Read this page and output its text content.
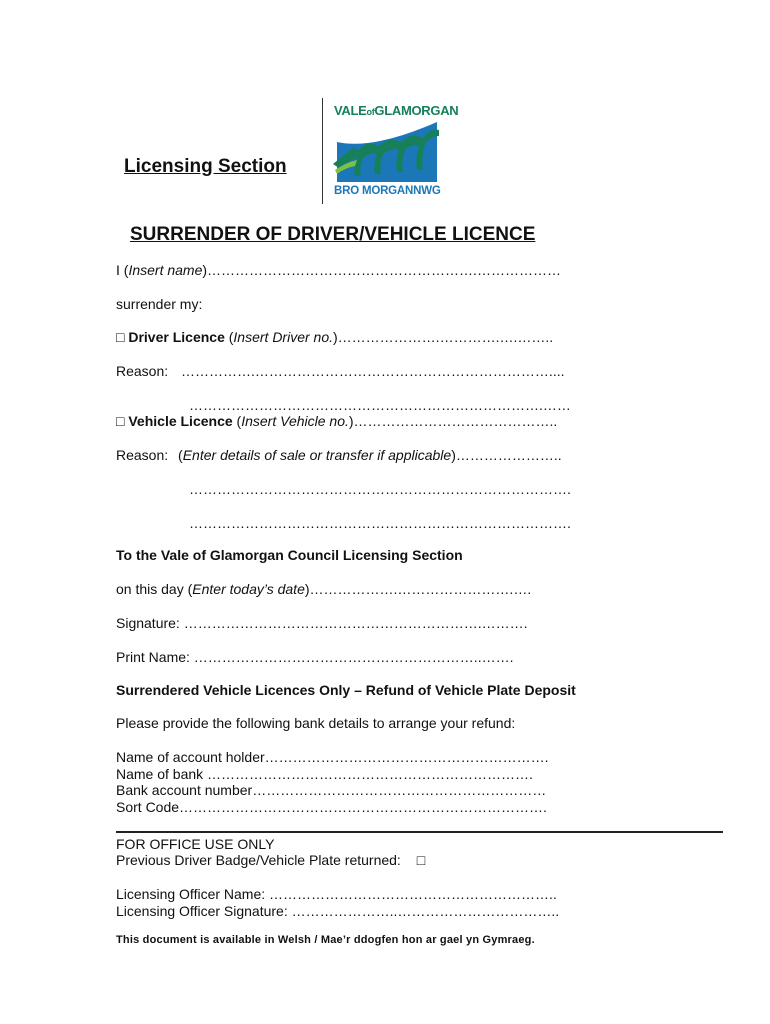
Licensing Section
VALEofGLAMORGAN
BRO MORGANNWG
SURRENDER OF DRIVER/VEHICLE LICENCE
I (Insert name)………………………………………………….………………
surrender my:
□ Driver Licence (Insert Driver no.)………………….………….….……..
Reason: …………….………………………………………………………....
………………………………………………………………….……
□ Vehicle Licence (Insert Vehicle no.)……………………………………..
Reason: (Enter details of sale or transfer if applicable)…………………..
……………………………………………………………………….
……………………………………………………………………….
To the Vale of Glamorgan Council Licensing Section
on this day (Enter today’s date)……………….…………………….….
Signature: ……………………………………………………….……….
Print Name: ……………………………………………………..…….
Surrendered Vehicle Licences Only – Refund of Vehicle Plate Deposit
Please provide the following bank details to arrange your refund:
Name of account holder…………………………………………………….
Name of bank …………………………………………………………….
Bank account number………………………………………………………
Sort Code…………………………………………………………………….
FOR OFFICE USE ONLY
Previous Driver Badge/Vehicle Plate returned: □
Licensing Officer Name: ……………………………………………………..
Licensing Officer Signature: …………………..……………………………..
This document is available in Welsh / Mae’r ddogfen hon ar gael yn Gymraeg.
